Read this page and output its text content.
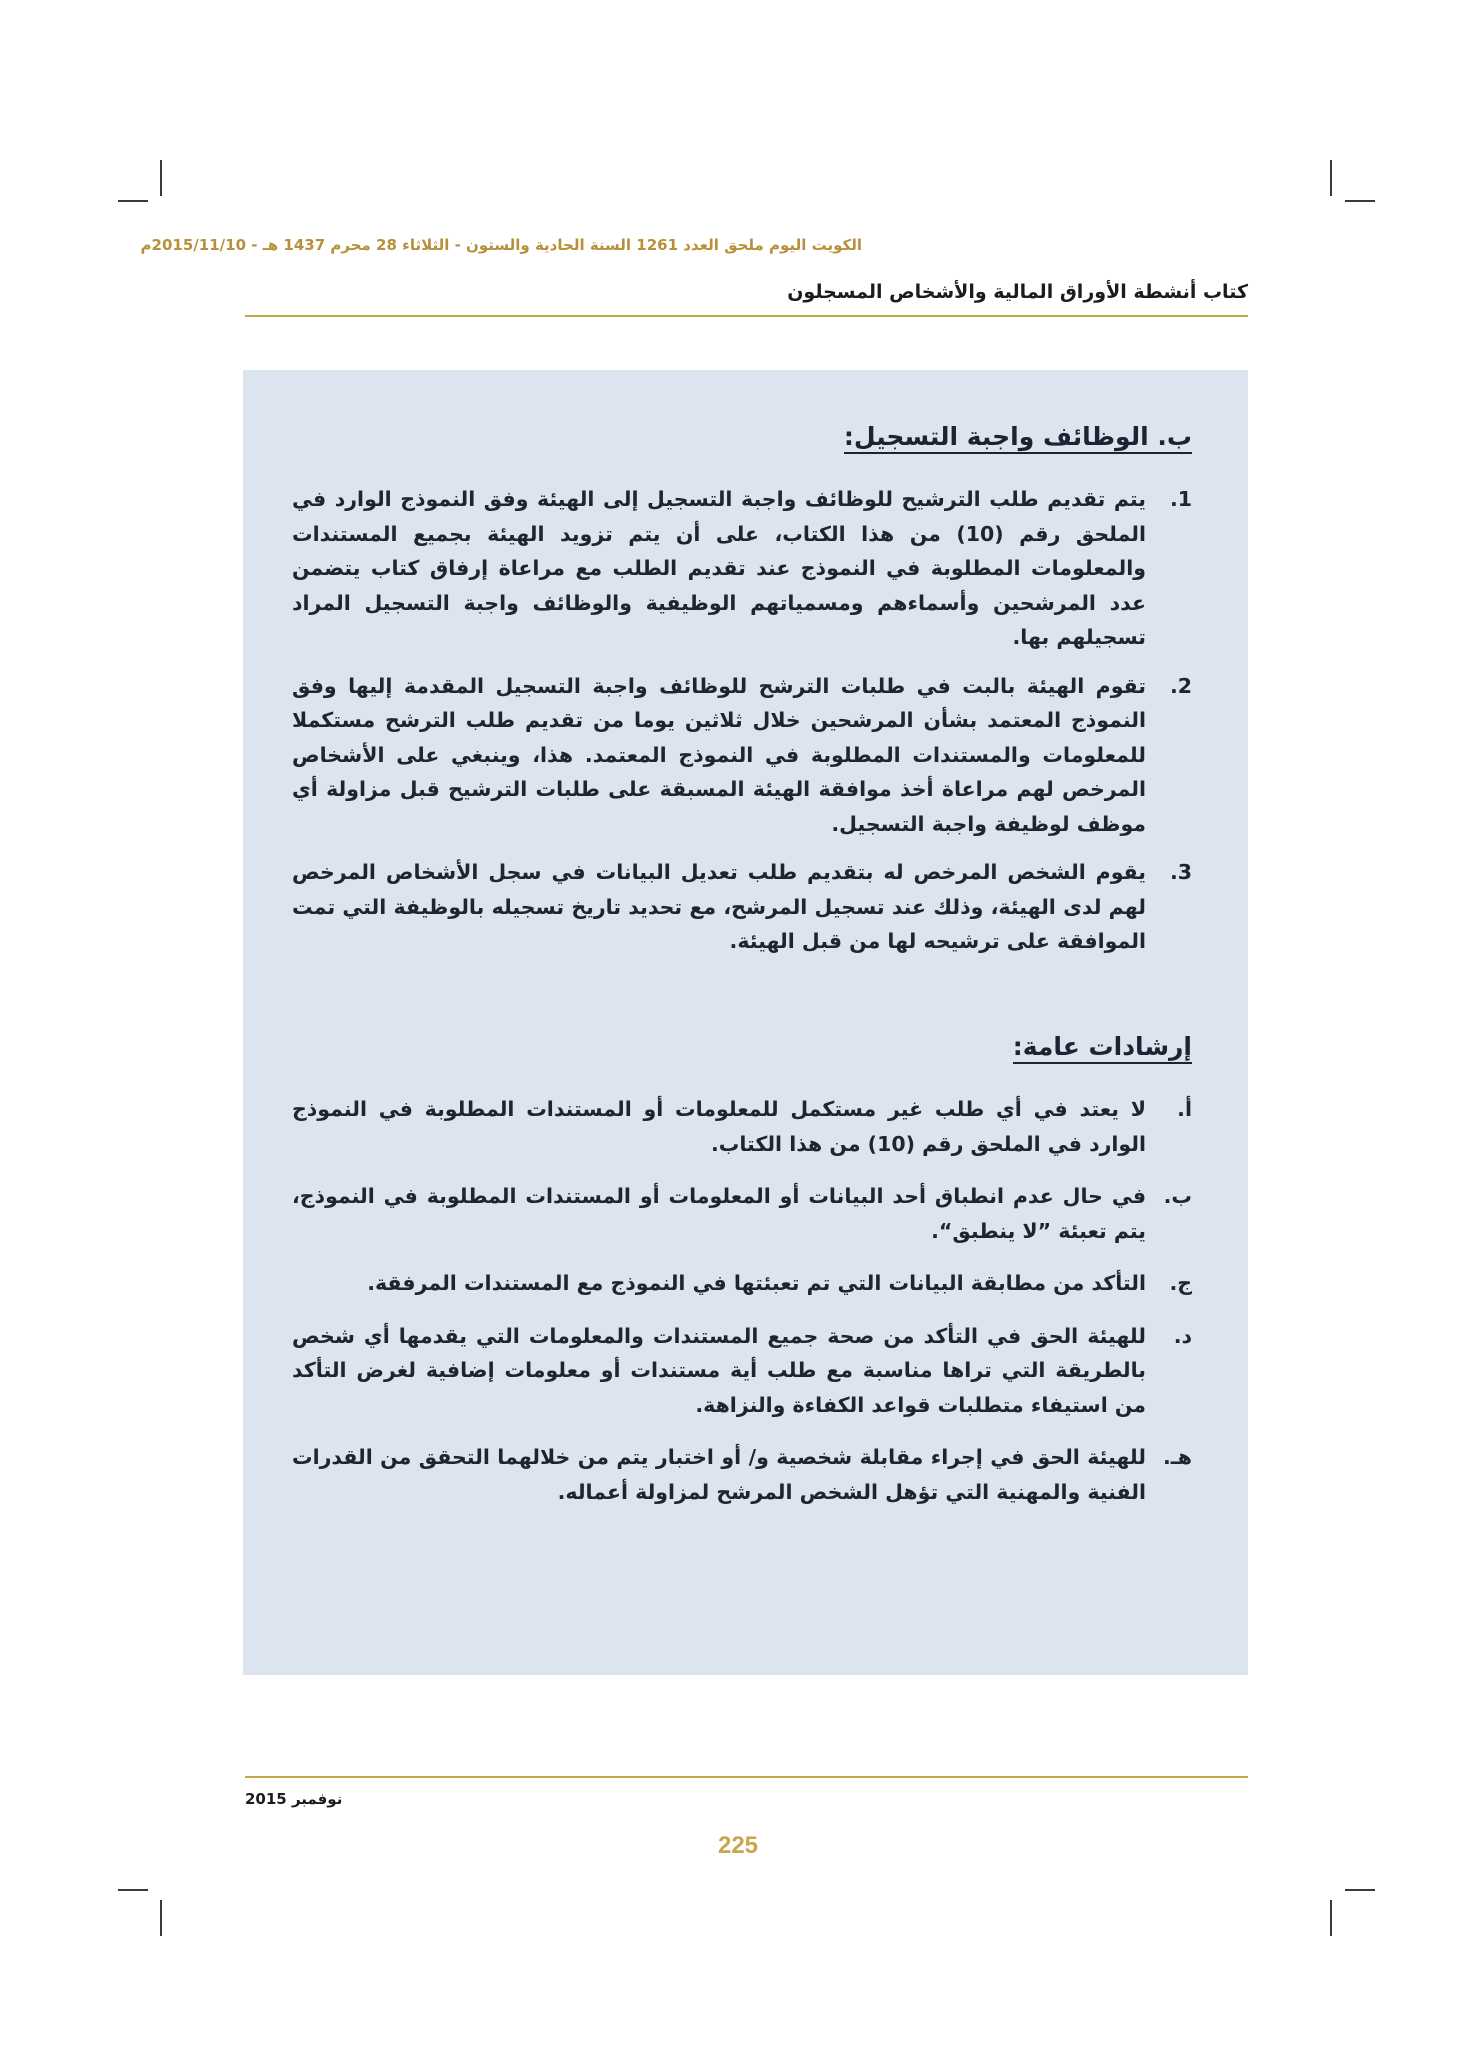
الكويت اليوم ملحق العدد 1261 السنة الحادية والستون - الثلاثاء 28 محرم 1437 هـ - 2015/11/10م
كتاب أنشطة الأوراق المالية والأشخاص المسجلون
ب. الوظائف واجبة التسجيل:
1.
يتم تقديم طلب الترشيح للوظائف واجبة التسجيل إلى الهيئة وفق النموذج الوارد في الملحق رقم (10) من هذا الكتاب، على أن يتم تزويد الهيئة بجميع المستندات والمعلومات المطلوبة في النموذج عند تقديم الطلب مع مراعاة إرفاق كتاب يتضمن عدد المرشحين وأسماءهم ومسمياتهم الوظيفية والوظائف واجبة التسجيل المراد تسجيلهم بها.
2.
تقوم الهيئة بالبت في طلبات الترشح للوظائف واجبة التسجيل المقدمة إليها وفق النموذج المعتمد بشأن المرشحين خلال ثلاثين يوما من تقديم طلب الترشح مستكملا للمعلومات والمستندات المطلوبة في النموذج المعتمد. هذا، وينبغي على الأشخاص المرخص لهم مراعاة أخذ موافقة الهيئة المسبقة على طلبات الترشيح قبل مزاولة أي موظف لوظيفة واجبة التسجيل.
3.
يقوم الشخص المرخص له بتقديم طلب تعديل البيانات في سجل الأشخاص المرخص لهم لدى الهيئة، وذلك عند تسجيل المرشح، مع تحديد تاريخ تسجيله بالوظيفة التي تمت الموافقة على ترشيحه لها من قبل الهيئة.
إرشادات عامة:
أ.
لا يعتد في أي طلب غير مستكمل للمعلومات أو المستندات المطلوبة في النموذج الوارد في الملحق رقم (10) من هذا الكتاب.
ب.
في حال عدم انطباق أحد البيانات أو المعلومات أو المستندات المطلوبة في النموذج، يتم تعبئة ”لا ينطبق“.
ج.
التأكد من مطابقة البيانات التي تم تعبئتها في النموذج مع المستندات المرفقة.
د.
للهيئة الحق في التأكد من صحة جميع المستندات والمعلومات التي يقدمها أي شخص بالطريقة التي تراها مناسبة مع طلب أية مستندات أو معلومات إضافية لغرض التأكد من استيفاء متطلبات قواعد الكفاءة والنزاهة.
هـ.
للهيئة الحق في إجراء مقابلة شخصية و/ أو اختبار يتم من خلالهما التحقق من القدرات الفنية والمهنية التي تؤهل الشخص المرشح لمزاولة أعماله.
نوفمبر 2015
225
